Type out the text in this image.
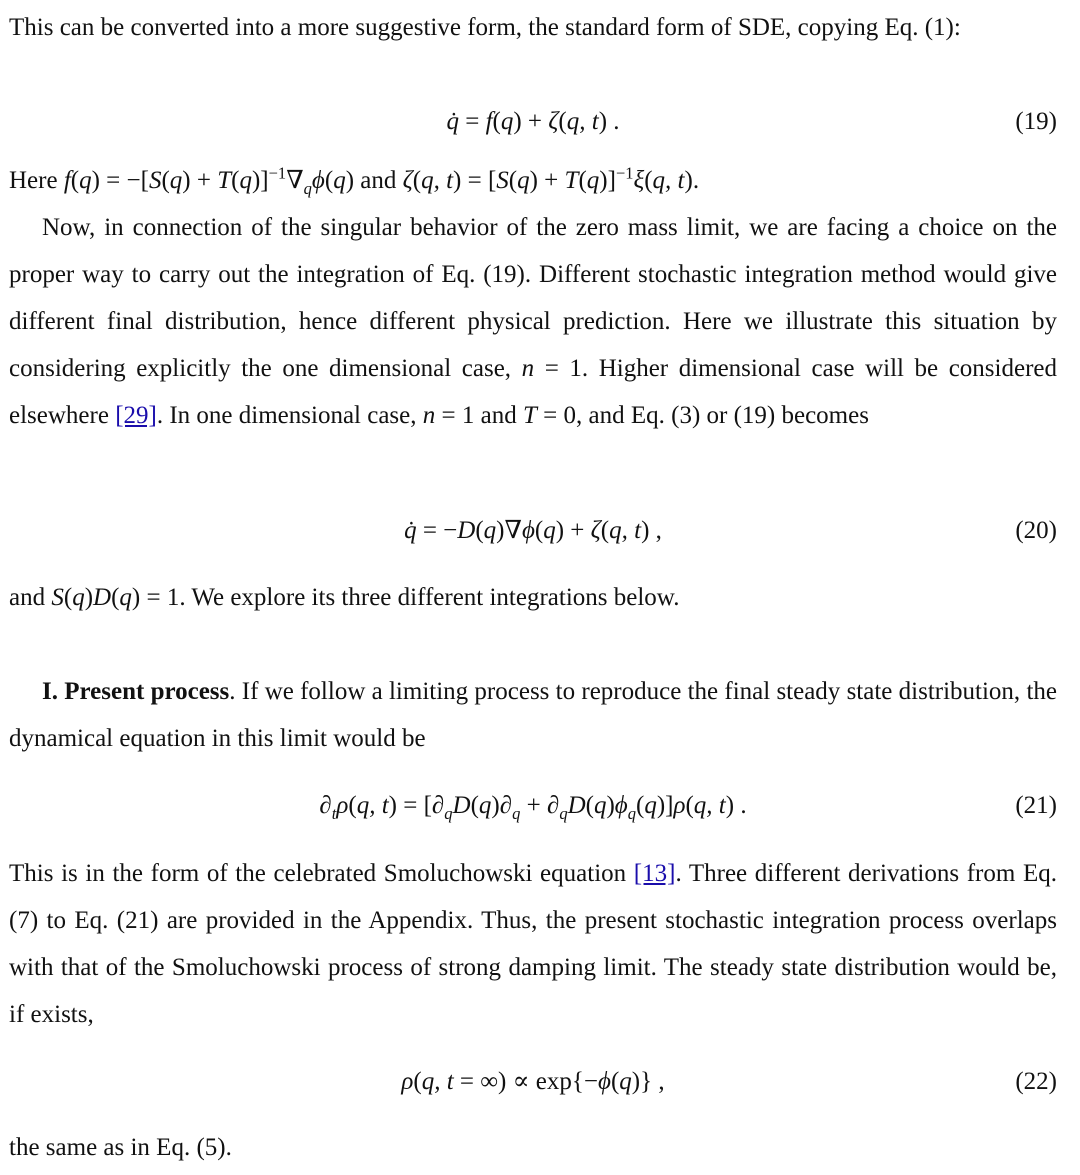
This can be converted into a more suggestive form, the standard form of SDE, copying Eq. (1):

q̇ = f(q) + ζ(q, t) .	(19)

Here $f(q) = -[S(q) + T(q)]^{-1}\nabla_q\phi(q)$ and ζ(q, $t) = [S(q) + T(q)]^{-1}\xi(q$, t).

Now, in connection of the singular behavior of the zero mass limit, we are facing a choice on the proper way to carry out the integration of Eq. (19). Different stochastic integration method would give different final distribution, hence different physical prediction. Here we illustrate this situation by considering explicitly the one dimensional case, n = 1. Higher dimensional case will be considered elsewhere [29]. In one dimensional case, n = 1 and T = 0, and Eq. (3) or (19) becomes

q̇ = −D(q)∇ϕ(q) + ζ(q, t) ,	(20)

and S(q)D(q) = 1. We explore its three different integrations below.

I. Present process. If we follow a limiting process to reproduce the final steady state distribution, the dynamical equation in this limit would be

$\partial_t\rho(q$, $t) = [\partial_qD(q)\partial_q + \partial_qD(q)\phi_q(q)]\rho(q$, t) .	(21)

This is in the form of the celebrated Smoluchowski equation [13]. Three different derivations from Eq. (7) to Eq. (21) are provided in the Appendix. Thus, the present stochastic integration process overlaps with that of the Smoluchowski process of strong damping limit. The steady state distribution would be, if exists,

ρ(q, t = ∞) ∝ exp{−ϕ(q)} ,	(22)

the same as in Eq. (5).
